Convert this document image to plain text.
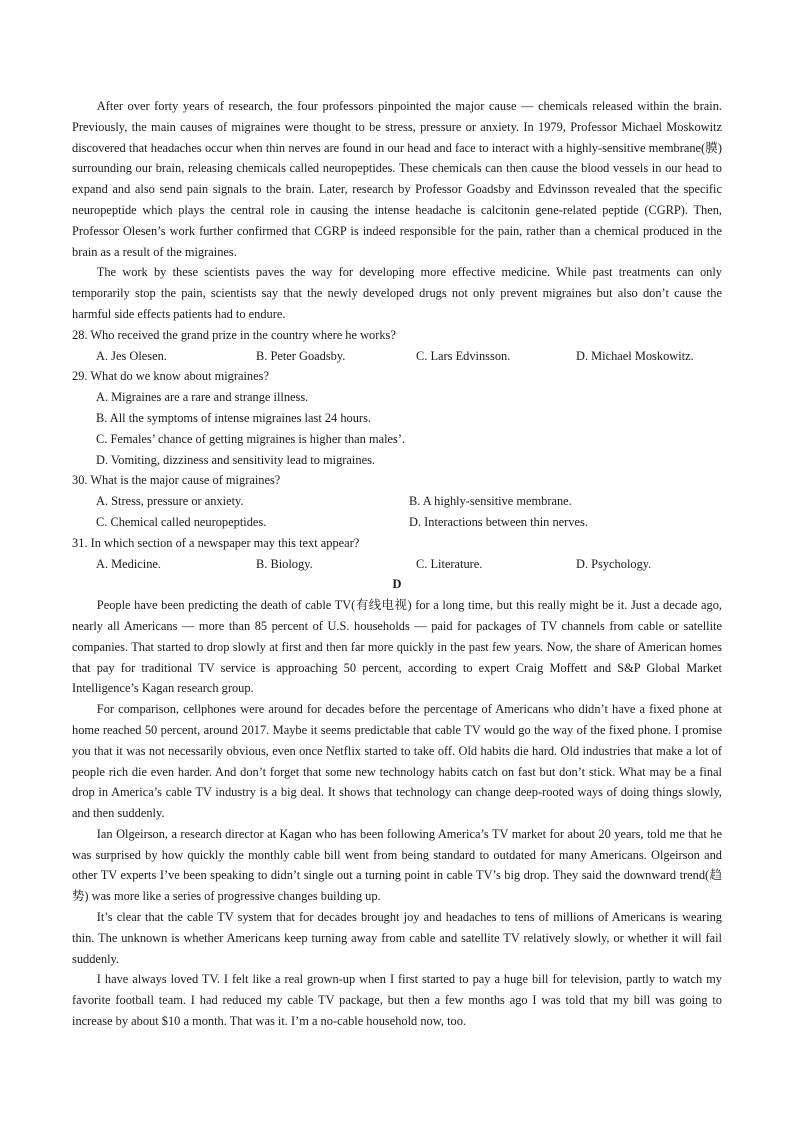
After over forty years of research, the four professors pinpointed the major cause — chemicals released within the brain. Previously, the main causes of migraines were thought to be stress, pressure or anxiety. In 1979, Professor Michael Moskowitz discovered that headaches occur when thin nerves are found in our head and face to interact with a highly-sensitive membrane(膜) surrounding our brain, releasing chemicals called neuropeptides. These chemicals can then cause the blood vessels in our head to expand and also send pain signals to the brain. Later, research by Professor Goadsby and Edvinsson revealed that the specific neuropeptide which plays the central role in causing the intense headache is calcitonin gene-related peptide (CGRP). Then, Professor Olesen’s work further confirmed that CGRP is indeed responsible for the pain, rather than a chemical produced in the brain as a result of the migraines.

The work by these scientists paves the way for developing more effective medicine. While past treatments can only temporarily stop the pain, scientists say that the newly developed drugs not only prevent migraines but also don’t cause the harmful side effects patients had to endure.

28. Who received the grand prize in the country where he works?

A. Jes Olesen.	B. Peter Goadsby.	C. Lars Edvinsson.	D. Michael Moskowitz.

29. What do we know about migraines?

A. Migraines are a rare and strange illness.

B. All the symptoms of intense migraines last 24 hours.

C. Females’ chance of getting migraines is higher than males’.

D. Vomiting, dizziness and sensitivity lead to migraines.

30. What is the major cause of migraines?

A. Stress, pressure or anxiety.	B. A highly-sensitive membrane.
C. Chemical called neuropeptides.	D. Interactions between thin nerves.

31. In which section of a newspaper may this text appear?

A. Medicine.	B. Biology.	C. Literature.	D. Psychology.

D

People have been predicting the death of cable TV(有线电视) for a long time, but this really might be it. Just a decade ago, nearly all Americans — more than 85 percent of U.S. households — paid for packages of TV channels from cable or satellite companies. That started to drop slowly at first and then far more quickly in the past few years. Now, the share of American homes that pay for traditional TV service is approaching 50 percent, according to expert Craig Moffett and S&P Global Market Intelligence’s Kagan research group.

For comparison, cellphones were around for decades before the percentage of Americans who didn’t have a fixed phone at home reached 50 percent, around 2017. Maybe it seems predictable that cable TV would go the way of the fixed phone. I promise you that it was not necessarily obvious, even once Netflix started to take off. Old habits die hard. Old industries that make a lot of people rich die even harder. And don’t forget that some new technology habits catch on fast but don’t stick. What may be a final drop in America’s cable TV industry is a big deal. It shows that technology can change deep-rooted ways of doing things slowly, and then suddenly.

Ian Olgeirson, a research director at Kagan who has been following America’s TV market for about 20 years, told me that he was surprised by how quickly the monthly cable bill went from being standard to outdated for many Americans. Olgeirson and other TV experts I’ve been speaking to didn’t single out a turning point in cable TV’s big drop. They said the downward trend(趋势) was more like a series of progressive changes building up.

It’s clear that the cable TV system that for decades brought joy and headaches to tens of millions of Americans is wearing thin. The unknown is whether Americans keep turning away from cable and satellite TV relatively slowly, or whether it will fail suddenly.

I have always loved TV. I felt like a real grown-up when I first started to pay a huge bill for television, partly to watch my favorite football team. I had reduced my cable TV package, but then a few months ago I was told that my bill was going to increase by about $10 a month. That was it. I’m a no-cable household now, too.
